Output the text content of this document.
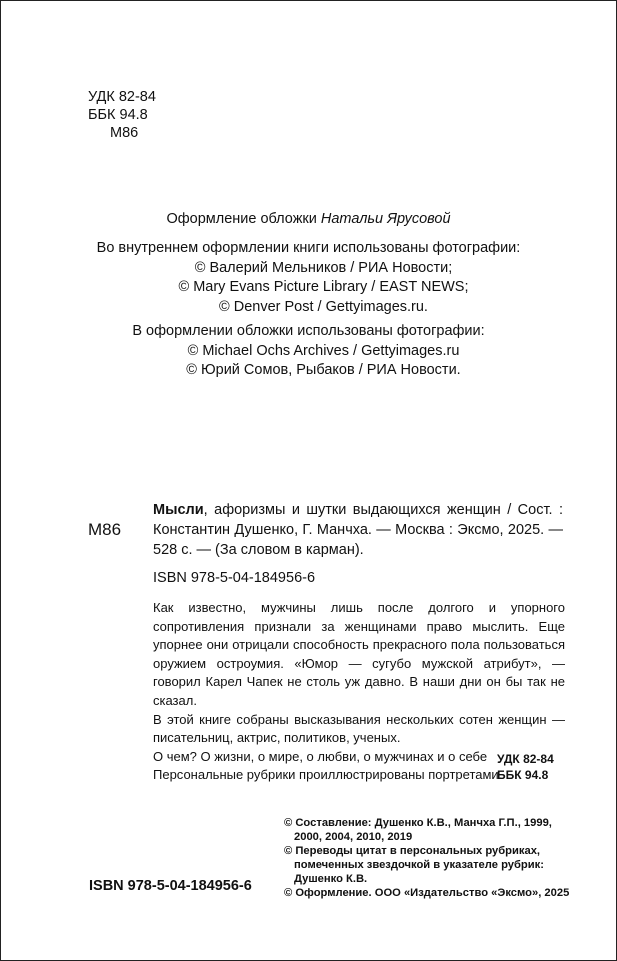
УДК 82-84
ББК 94.8
М86
Оформление обложки Натальи Ярусовой
Во внутреннем оформлении книги использованы фотографии:
© Валерий Мельников / РИА Новости;
© Mary Evans Picture Library / EAST NEWS;
© Denver Post / Gettyimages.ru.
В оформлении обложки использованы фотографии:
© Michael Ochs Archives / Gettyimages.ru
© Юрий Сомов, Рыбаков / РИА Новости.
М86
Мысли, афоризмы и шутки выдающихся женщин / Сост. : Константин Душенко, Г. Манчха. — Москва : Эксмо, 2025. — 528 с. — (За словом в карман).
ISBN 978-5-04-184956-6

Как известно, мужчины лишь после долгого и упорного сопротивления признали за женщинами право мыслить. Еще упорнее они отрицали способность прекрасного пола пользоваться оружием остроумия. «Юмор — сугубо мужской атрибут», — говорил Карел Чапек не столь уж давно. В наши дни он бы так не сказал.

В этой книге собраны высказывания нескольких сотен женщин — писательниц, актрис, политиков, ученых.

О чем? О жизни, о мире, о любви, о мужчинах и о себе

Персональные рубрики проиллюстрированы портретами.

УДК 82-84
ББК 94.8
© Составление: Душенко К.В., Манчха Г.П., 1999,
2000, 2004, 2010, 2019
© Переводы цитат в персональных рубриках,
помеченных звездочкой в указателе рубрик:
Душенко К.В.
© Оформление. ООО «Издательство «Эксмо», 2025
ISBN 978-5-04-184956-6
